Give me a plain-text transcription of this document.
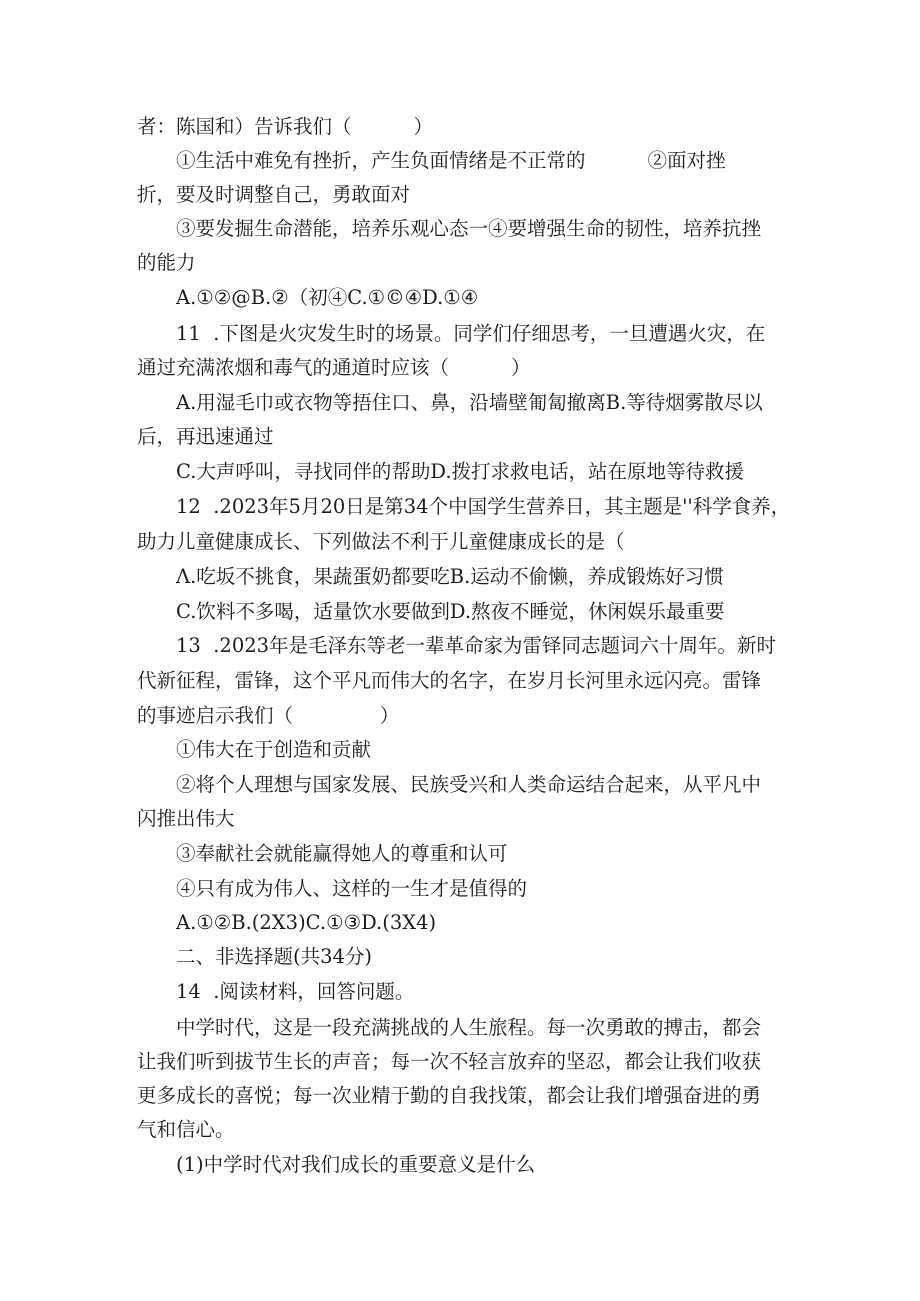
者：陈国和）告诉我们（          ）
①生活中难免有挫折，产生负面情绪是不正常的          ②面对挫
折，要及时调整自己，勇敢面对
③要发掘生命潜能，培养乐观心态一④要增强生命的韧性，培养抗挫
的能力
A.①②@B.②（初④C.①©④D.①④
11  .下图是火灾发生时的场景。同学们仔细思考，一旦遭遇火灾，在
通过充满浓烟和毒气的通道时应该（          ）
A.用湿毛巾或衣物等捂住口、鼻，沿墙壁匍匐撤离B.等待烟雾散尽以
后，再迅速通过
C.大声呼叫，寻找同伴的帮助D.拨打求救电话，站在原地等待救援
12  .2023年5月20日是第34个中国学生营养日，其主题是''科学食养，
助力儿童健康成长、下列做法不利于儿童健康成长的是（
Λ.吃坂不挑食，果蔬蛋奶都要吃B.运动不偷懒，养成锻炼好习惯
C.饮料不多喝，适量饮水要做到D.熬夜不睡觉，休闲娱乐最重要
13  .2023年是毛泽东等老一辈革命家为雷铎同志题词六十周年。新时
代新征程，雷锋，这个平凡而伟大的名字，在岁月长河里永远闪亮。雷锋
的事迹启示我们（              ）
①伟大在于创造和贡献
②将个人理想与国家发展、民族受兴和人类命运结合起来，从平凡中
闪推出伟大
③奉献社会就能赢得她人的尊重和认可
④只有成为伟人、这样的一生才是值得的
A.①②B.(2X3)C.①③D.(3X4)
二、非选择题(共34分)
14  .阅读材料，回答问题。
中学时代，这是一段充满挑战的人生旅程。每一次勇敢的搏击，都会
让我们听到拔节生长的声音；每一次不轻言放弃的坚忍，都会让我们收获
更多成长的喜悦；每一次业精于勤的自我找策，都会让我们增强奋进的勇
气和信心。
(1)中学时代对我们成长的重要意义是什么
